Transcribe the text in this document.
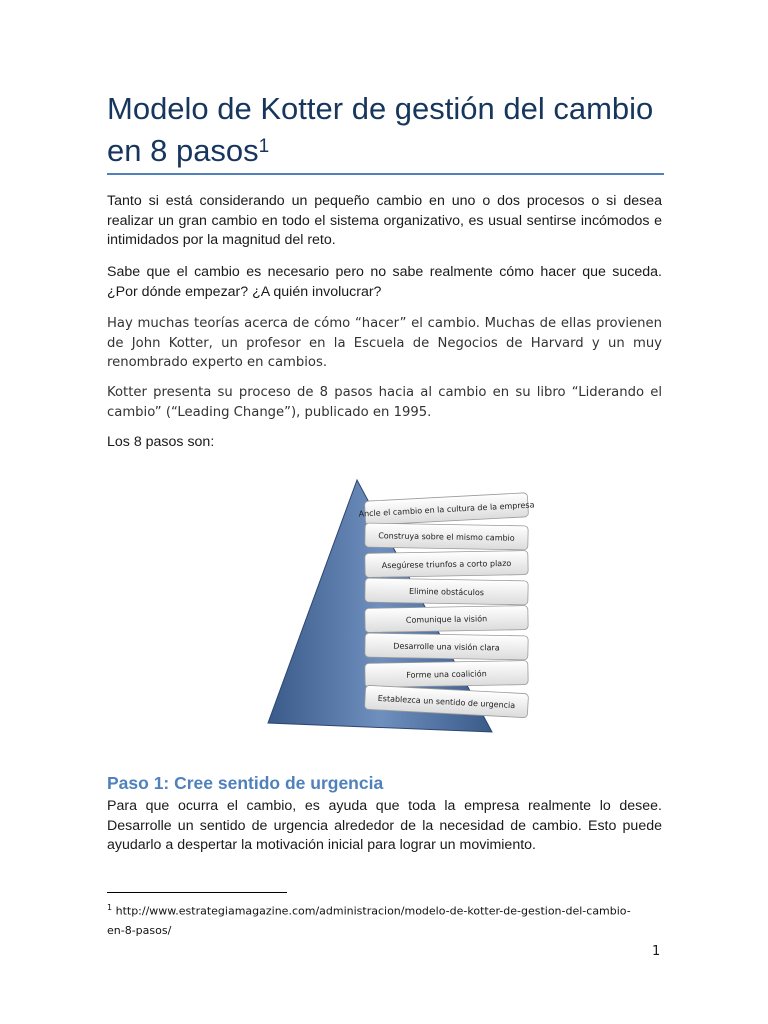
Modelo de Kotter de gestión del cambio en 8 pasos$^1$

Tanto si está considerando un pequeño cambio en uno o dos procesos o si desea realizar un gran cambio en todo el sistema organizativo, es usual sentirse incómodos e intimidados por la magnitud del reto.

Sabe que el cambio es necesario pero no sabe realmente cómo hacer que suceda. ¿Por dónde empezar? ¿A quién involucrar?

Hay muchas teorías acerca de cómo “hacer” el cambio. Muchas de ellas provienen de John Kotter, un profesor en la Escuela de Negocios de Harvard y un muy renombrado experto en cambios.

Kotter presenta su proceso de 8 pasos hacia al cambio en su libro “Liderando el cambio” (“Leading Change”), publicado en 1995.

Los 8 pasos son:

Ancle el cambio en la cultura de la empresa
Construya sobre el mismo cambio
Asegúrese triunfos a corto plazo
Elimine obstáculos
Comunique la visión
Desarrolle una visión clara
Forme una coalición
Establezca un sentido de urgencia
Paso 1: Cree sentido de urgencia

Para que ocurra el cambio, es ayuda que toda la empresa realmente lo desee. Desarrolle un sentido de urgencia alrededor de la necesidad de cambio. Esto puede ayudarlo a despertar la motivación inicial para lograr un movimiento.

$^1$ http://www.estrategiamagazine.com/administracion/modelo-de-kotter-de-gestion-del-cambio-en-8-pasos/

1
